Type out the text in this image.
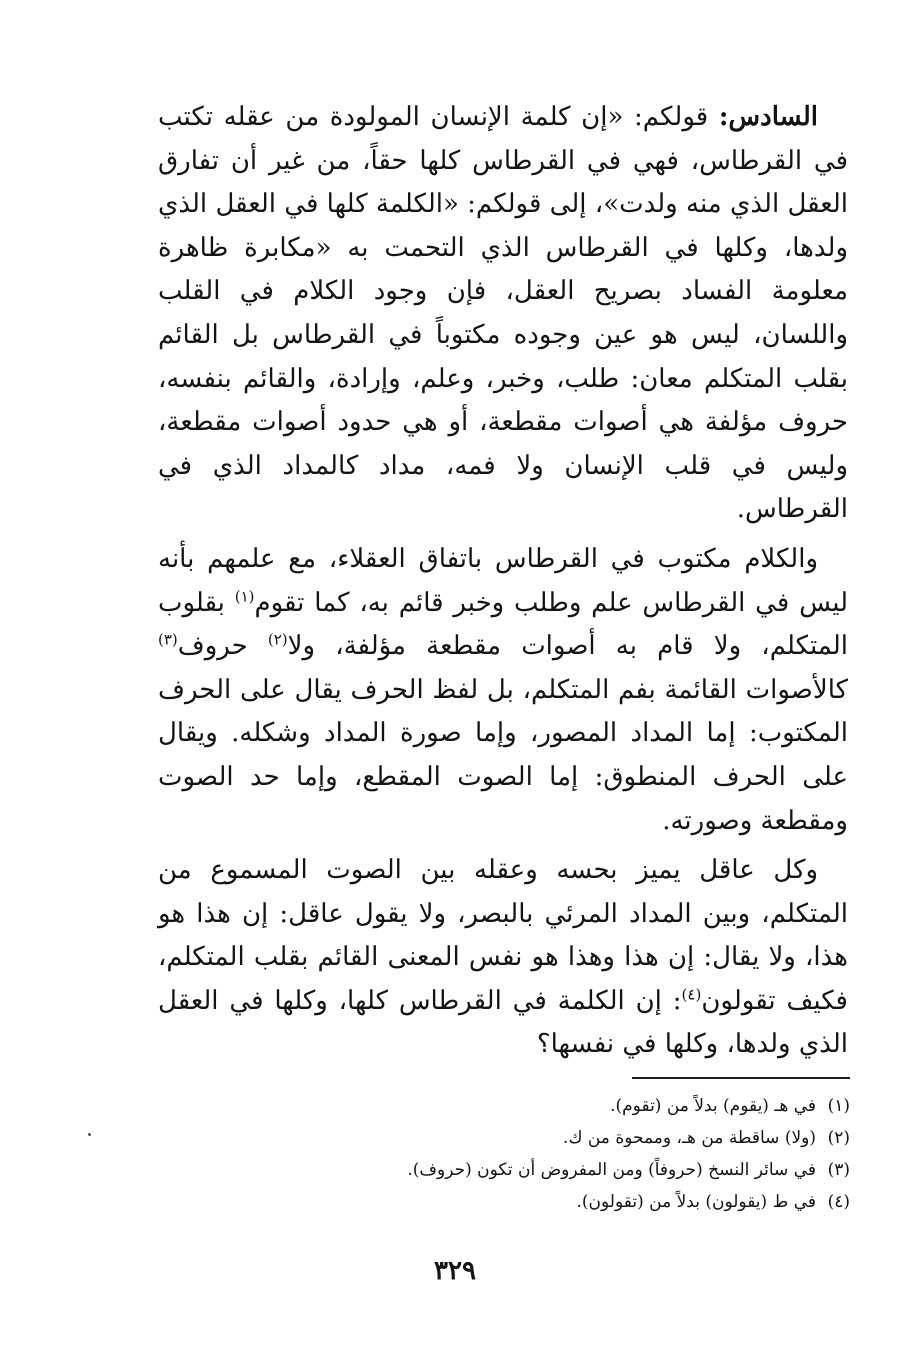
السادس: قولكم: «إن كلمة الإنسان المولودة من عقله تكتب في القرطاس، فهي في القرطاس كلها حقاً، من غير أن تفارق العقل الذي منه ولدت»، إلى قولكم: «الكلمة كلها في العقل الذي ولدها، وكلها في القرطاس الذي التحمت به «مكابرة ظاهرة معلومة الفساد بصريح العقل، فإن وجود الكلام في القلب واللسان، ليس هو عين وجوده مكتوباً في القرطاس بل القائم بقلب المتكلم معان: طلب، وخبر، وعلم، وإرادة، والقائم بنفسه، حروف مؤلفة هي أصوات مقطعة، أو هي حدود أصوات مقطعة، وليس في قلب الإنسان ولا فمه، مداد كالمداد الذي في القرطاس.

والكلام مكتوب في القرطاس باتفاق العقلاء، مع علمهم بأنه ليس في القرطاس علم وطلب وخبر قائم به، كما تقوم$^{(١)}$ بقلوب المتكلم، ولا قام به أصوات مقطعة مؤلفة، ولا$^{(٢)}$ حروف$^{(٣)}$ كالأصوات القائمة بفم المتكلم، بل لفظ الحرف يقال على الحرف المكتوب: إما المداد المصور، وإما صورة المداد وشكله. ويقال على الحرف المنطوق: إما الصوت المقطع، وإما حد الصوت ومقطعة وصورته.

وكل عاقل يميز بحسه وعقله بين الصوت المسموع من المتكلم، وبين المداد المرئي بالبصر، ولا يقول عاقل: إن هذا هو هذا، ولا يقال: إن هذا وهذا هو نفس المعنى القائم بقلب المتكلم، فكيف تقولون$^{(٤)}$: إن الكلمة في القرطاس كلها، وكلها في العقل الذي ولدها، وكلها في نفسها؟

(١)في هـ (يقوم) بدلاً من (تقوم).
(٢)(ولا) ساقطة من هـ، وممحوة من ك.
(٣)في سائر النسخ (حروفاً) ومن المفروض أن تكون (حروف).
(٤)في ط (يقولون) بدلاً من (تقولون).
٣٢٩
